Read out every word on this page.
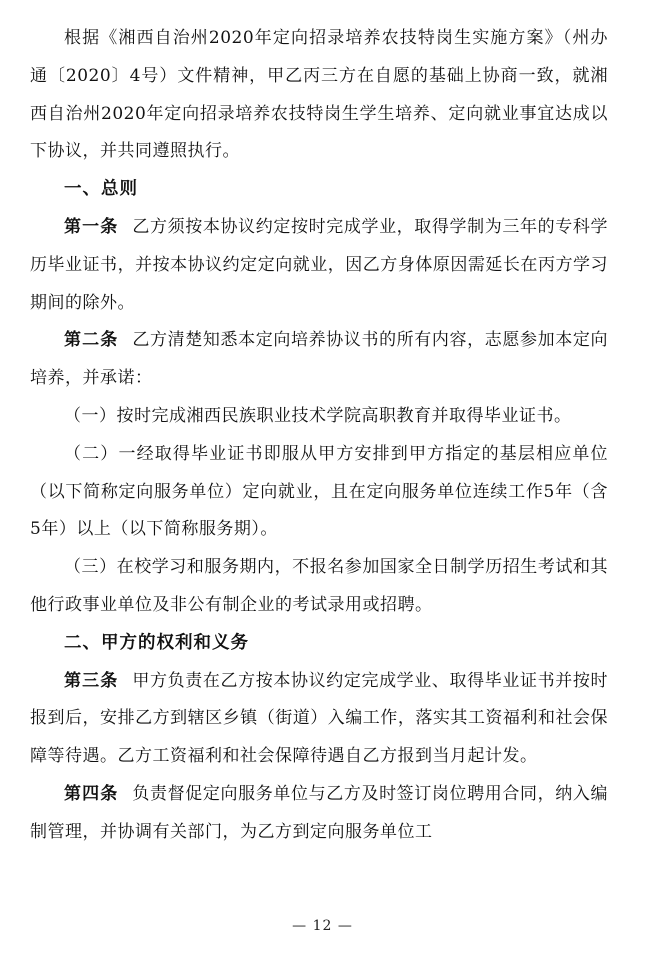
根据《湘西自治州2020年定向招录培养农技特岗生实施方案》（州办通〔2020〕4号）文件精神，甲乙丙三方在自愿的基础上协商一致，就湘西自治州2020年定向招录培养农技特岗生学生培养、定向就业事宜达成以下协议，并共同遵照执行。

一、总则

第一条 乙方须按本协议约定按时完成学业，取得学制为三年的专科学历毕业证书，并按本协议约定定向就业，因乙方身体原因需延长在丙方学习期间的除外。

第二条 乙方清楚知悉本定向培养协议书的所有内容，志愿参加本定向培养，并承诺：

（一）按时完成湘西民族职业技术学院高职教育并取得毕业证书。

（二）一经取得毕业证书即服从甲方安排到甲方指定的基层相应单位（以下简称定向服务单位）定向就业，且在定向服务单位连续工作5年（含5年）以上（以下简称服务期）。

（三）在校学习和服务期内，不报名参加国家全日制学历招生考试和其他行政事业单位及非公有制企业的考试录用或招聘。

二、甲方的权利和义务

第三条 甲方负责在乙方按本协议约定完成学业、取得毕业证书并按时报到后，安排乙方到辖区乡镇（街道）入编工作，落实其工资福利和社会保障等待遇。乙方工资福利和社会保障待遇自乙方报到当月起计发。

第四条 负责督促定向服务单位与乙方及时签订岗位聘用合同，纳入编制管理，并协调有关部门，为乙方到定向服务单位工

— 12 —
